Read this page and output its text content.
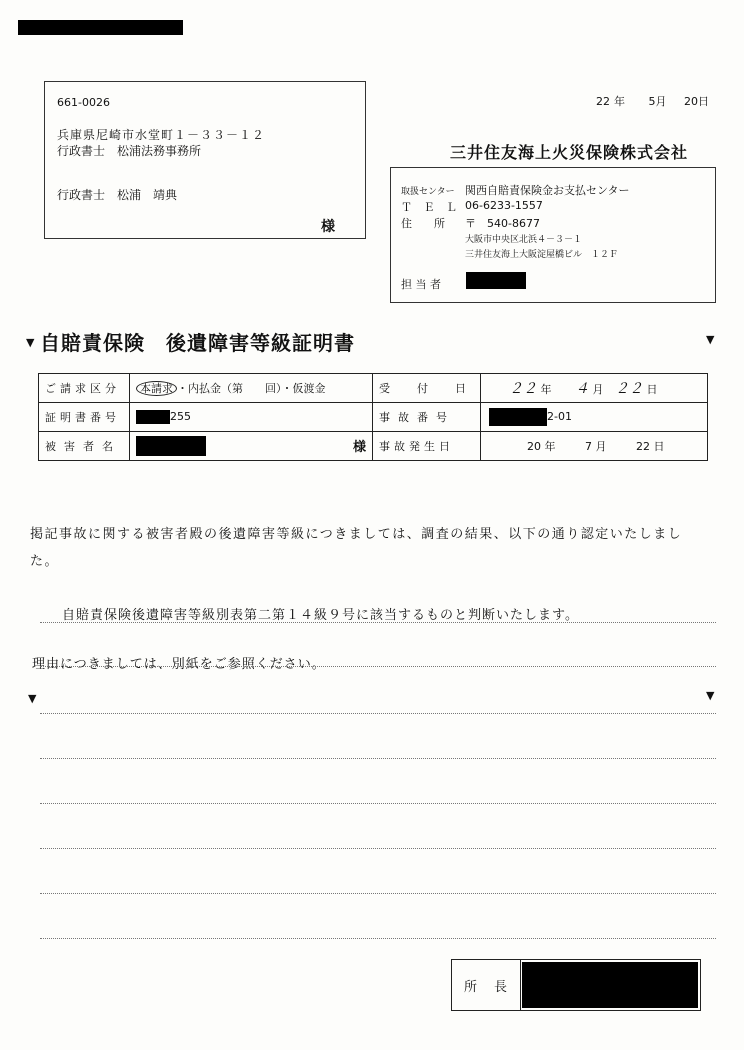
661-0026
兵庫県尼崎市水堂町１－３３－１２
行政書士　松浦法務事務所
行政書士　松浦　靖典
様
22 年 5月 20日
三井住友海上火災保険株式会社
取扱センター 関西自賠責保険金お支払センター
Ｔ Ｅ Ｌ 06-6233-1557
住　　所 〒　540-8677
大阪市中央区北浜４－３－１
三井住友海上大阪淀屋橋ビル　１２Ｆ
担 当 者
▼ 自賠責保険　後遺障害等級証明書	▼
ご請求区分	本請求 ・内払金（第　　回）・仮渡金	受　付　日	２２ 年 ４ 月 ２２ 日
証明書番号	255	事故番号	2-01
被害者名	様	事故発生日	20 年 7 月 22 日
掲記事故に関する被害者殿の後遺障害等級につきましては、調査の結果、以下の通り認定いたしました。
自賠責保険後遺障害等級別表第二第１４級９号に該当するものと判断いたします。
理由につきましては、別紙をご参照ください。
▼	▼
所　長
